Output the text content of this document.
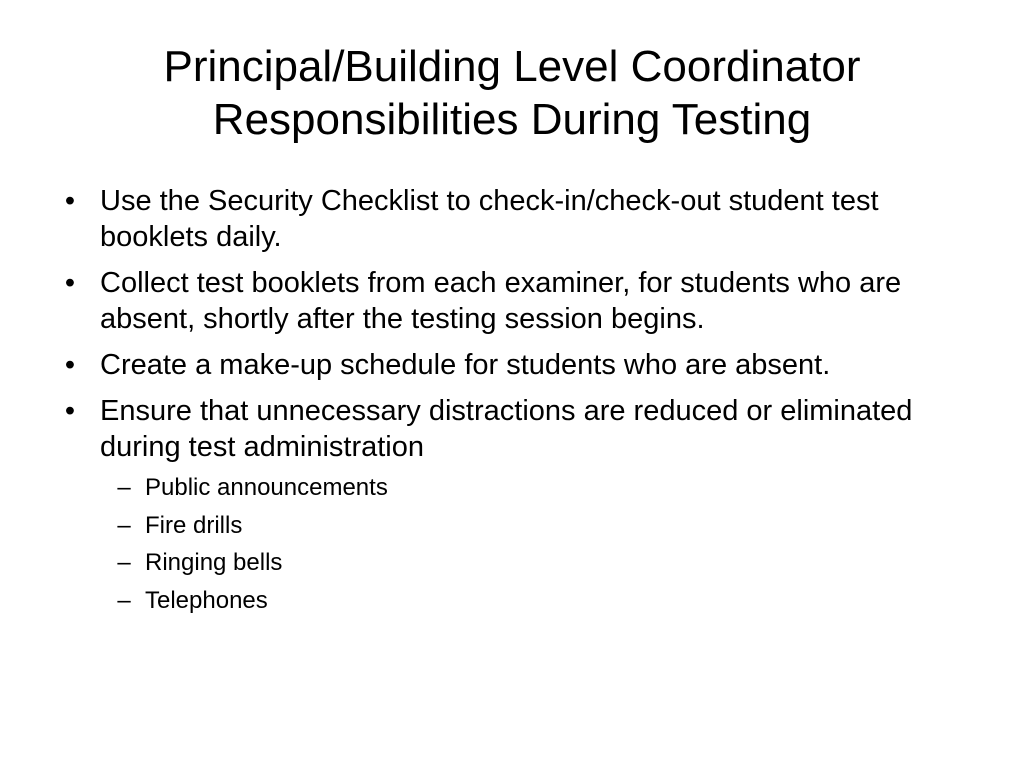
Principal/Building Level Coordinator
Responsibilities During Testing
• Use the Security Checklist to check-in/check-out student test booklets daily.
• Collect test booklets from each examiner, for students who are absent, shortly after the testing session begins.
• Create a make-up schedule for students who are absent.
• Ensure that unnecessary distractions are reduced or eliminated during test administration
– Public announcements
– Fire drills
– Ringing bells
– Telephones
